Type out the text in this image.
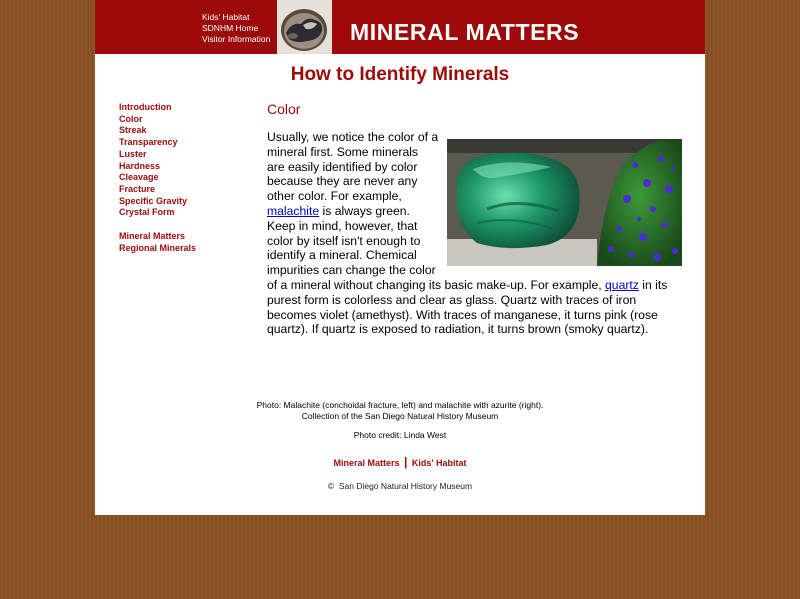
Kids' Habitat
SDNHM Home
Visitor Information	MINERAL MATTERS
How to Identify Minerals
Introduction
Color
Streak
Transparency
Luster
Hardness
Cleavage
Fracture
Specific Gravity
Crystal Form
Mineral Matters
Regional Minerals
Color
Usually, we notice the color of a mineral first. Some minerals are easily identified by color because they are never any other color. For example, malachite is always green. Keep in mind, however, that color by itself isn't enough to identify a mineral. Chemical impurities can change the color of a mineral without changing its basic make-up. For example, quartz in its purest form is colorless and clear as glass. Quartz with traces of iron becomes violet (amethyst). With traces of manganese, it turns pink (rose quartz). If quartz is exposed to radiation, it turns brown (smoky quartz).
Photo: Malachite (conchoidal fracture, left) and malachite with azurite (right).
Collection of the San Diego Natural History Museum
Photo credit: Linda West
Mineral Matters | Kids' Habitat
© San Diego Natural History Museum
